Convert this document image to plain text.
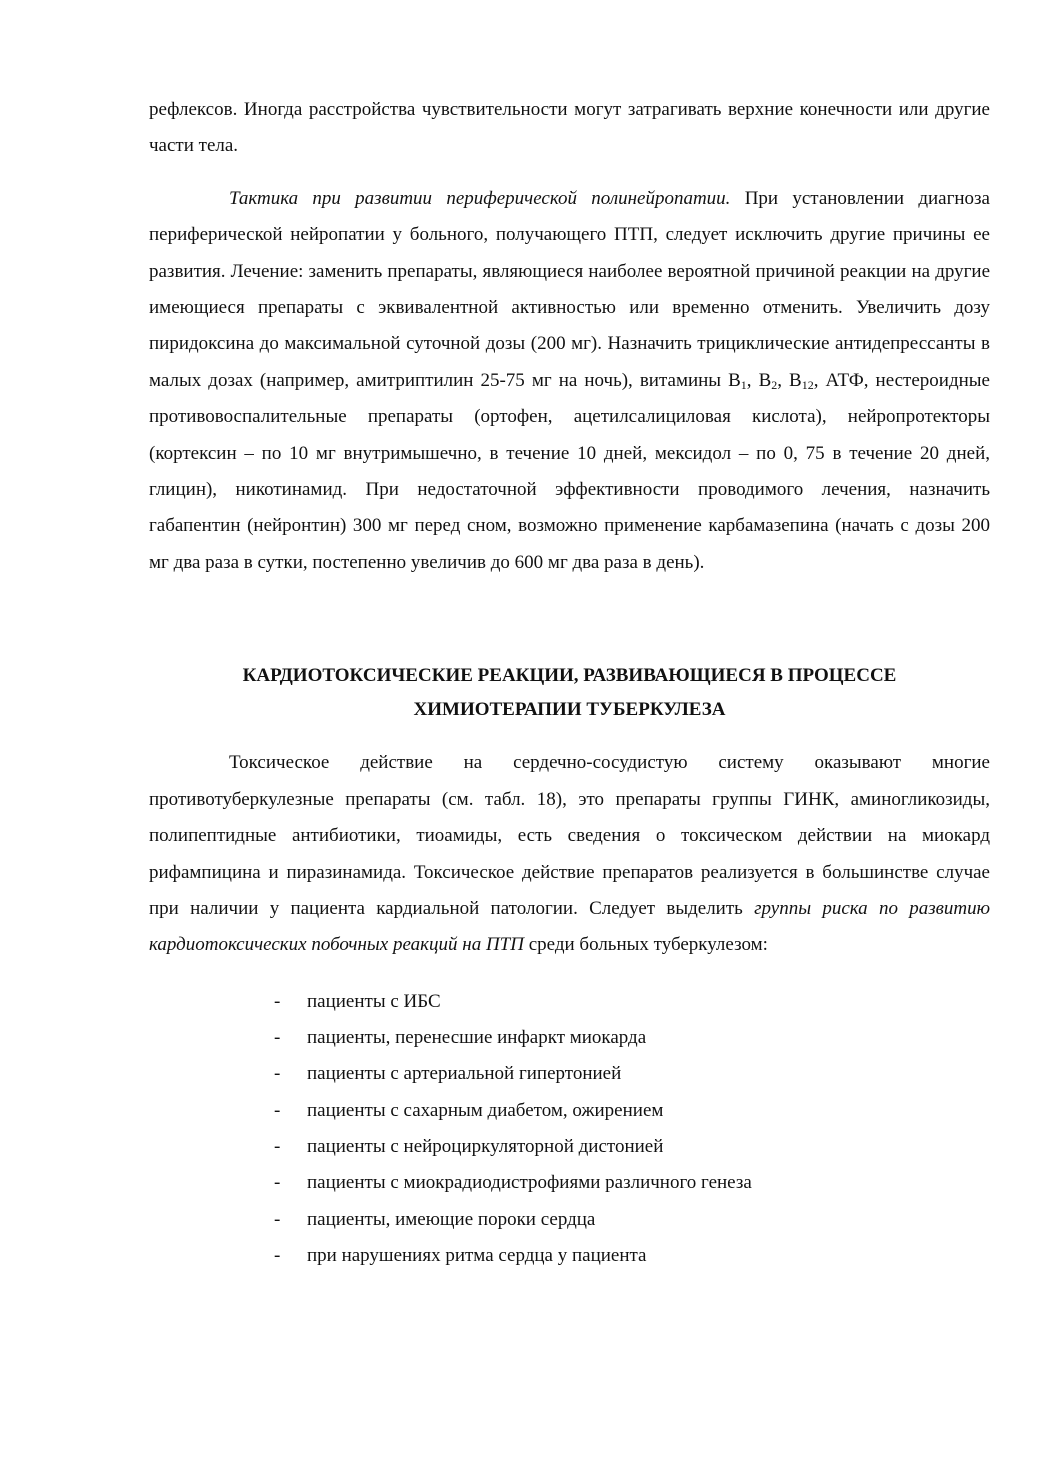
рефлексов. Иногда расстройства чувствительности могут затрагивать верхние конечности или другие части тела.

Тактика при развитии периферической полинейропатии. При установлении диагноза периферической нейропатии у больного, получающего ПТП, следует исключить другие причины ее развития. Лечение: заменить препараты, являющиеся наиболее вероятной причиной реакции на другие имеющиеся препараты с эквивалентной активностью или временно отменить. Увеличить дозу пиридоксина до максимальной суточной дозы (200 мг). Назначить трициклические антидепрессанты в малых дозах (например, амитриптилин 25-75 мг на ночь), витамины $В_1$, $В_2$, $В_{12}$, АТФ, нестероидные противовоспалительные препараты (ортофен, ацетилсалициловая кислота), нейропротекторы (кортексин – по 10 мг внутримышечно, в течение 10 дней, мексидол – по 0, 75 в течение 20 дней, глицин), никотинамид. При недостаточной эффективности проводимого лечения, назначить габапентин (нейронтин) 300 мг перед сном, возможно применение карбамазепина (начать с дозы 200 мг два раза в сутки, постепенно увеличив до 600 мг два раза в день).

КАРДИОТОКСИЧЕСКИЕ РЕАКЦИИ, РАЗВИВАЮЩИЕСЯ В ПРОЦЕССЕ
ХИМИОТЕРАПИИ ТУБЕРКУЛЕЗА

Токсическое действие на сердечно-сосудистую систему оказывают многие противотуберкулезные препараты (см. табл. 18), это препараты группы ГИНК, аминогликозиды, полипептидные антибиотики, тиоамиды, есть сведения о токсическом действии на миокард рифампицина и пиразинамида. Токсическое действие препаратов реализуется в большинстве случае при наличии у пациента кардиальной патологии. Следует выделить группы риска по развитию кардиотоксических побочных реакций на ПТП среди больных туберкулезом:

- пациенты с ИБС
- пациенты, перенесшие инфаркт миокарда
- пациенты с артериальной гипертонией
- пациенты с сахарным диабетом, ожирением
- пациенты с нейроциркуляторной дистонией
- пациенты с миокрадиодистрофиями различного генеза
- пациенты, имеющие пороки сердца
- при нарушениях ритма сердца у пациента
